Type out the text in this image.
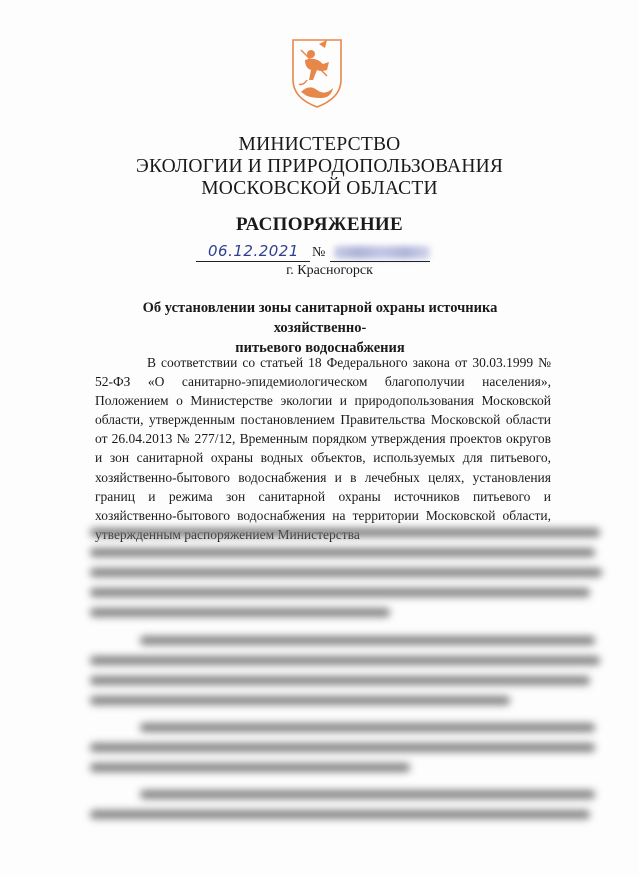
МИНИСТЕРСТВО
ЭКОЛОГИИ И ПРИРОДОПОЛЬЗОВАНИЯ
МОСКОВСКОЙ ОБЛАСТИ
РАСПОРЯЖЕНИЕ
06.12.2021 №
г. Красногорск
Об установлении зоны санитарной охраны источника хозяйственно-
питьевого водоснабжения
В соответствии со статьей 18 Федерального закона от 30.03.1999 № 52-ФЗ «О санитарно-эпидемиологическом благополучии населения», Положением о Министерстве экологии и природопользования Московской области, утвержденным постановлением Правительства Московской области от 26.04.2013 № 277/12, Временным порядком утверждения проектов округов и зон санитарной охраны водных объектов, используемых для питьевого, хозяйственно-бытового водоснабжения и в лечебных целях, установления границ и режима зон санитарной охраны источников питьевого и хозяйственно-бытового водоснабжения на территории Московской области,
